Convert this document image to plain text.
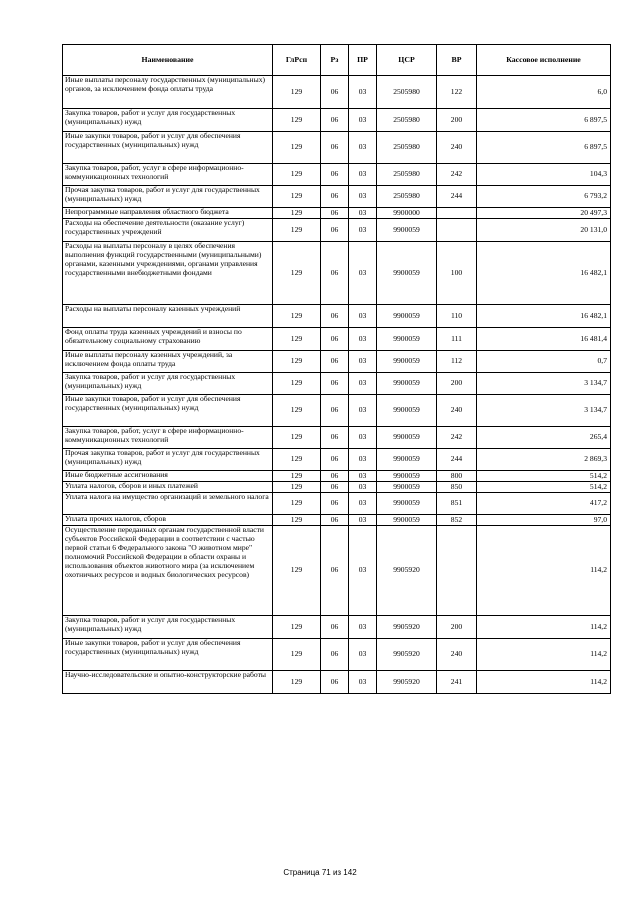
Наименование	ГлРсп	Рз	ПР	ЦСР	ВР	Кассовое исполнение
Иные выплаты персоналу государственных (муниципальных) органов, за исключением фонда оплаты труда	129	06	03	2505980	122	6,0
Закупка товаров, работ и услуг для государственных (муниципальных) нужд	129	06	03	2505980	200	6 897,5
Иные закупки товаров, работ и услуг для обеспечения государственных (муниципальных) нужд	129	06	03	2505980	240	6 897,5
Закупка товаров, работ, услуг в сфере информационно-коммуникационных технологий	129	06	03	2505980	242	104,3
Прочая закупка товаров, работ и услуг для государственных (муниципальных) нужд	129	06	03	2505980	244	6 793,2
Непрограммные направления областного бюджета	129	06	03	9900000		20 497,3
Расходы на обеспечение деятельности (оказание услуг) государственных учреждений	129	06	03	9900059		20 131,0
Расходы на выплаты персоналу в целях обеспечения выполнения функций государственными (муниципальными) органами, казенными учреждениями, органами управления государственными внебюджетными фондами	129	06	03	9900059	100	16 482,1
Расходы на выплаты персоналу казенных учреждений	129	06	03	9900059	110	16 482,1
Фонд оплаты труда казенных учреждений и взносы по обязательному социальному страхованию	129	06	03	9900059	111	16 481,4
Иные выплаты персоналу казенных учреждений, за исключением фонда оплаты труда	129	06	03	9900059	112	0,7
Закупка товаров, работ и услуг для государственных (муниципальных) нужд	129	06	03	9900059	200	3 134,7
Иные закупки товаров, работ и услуг для обеспечения государственных (муниципальных) нужд	129	06	03	9900059	240	3 134,7
Закупка товаров, работ, услуг в сфере информационно-коммуникационных технологий	129	06	03	9900059	242	265,4
Прочая закупка товаров, работ и услуг для государственных (муниципальных) нужд	129	06	03	9900059	244	2 869,3
Иные бюджетные ассигнования	129	06	03	9900059	800	514,2
Уплата налогов, сборов и иных платежей	129	06	03	9900059	850	514,2
Уплата налога на имущество организаций и земельного налога	129	06	03	9900059	851	417,2
Уплата прочих налогов, сборов	129	06	03	9900059	852	97,0
Осуществление переданных органам государственной власти субъектов Российской Федерации в соответствии с частью первой статьи 6 Федерального закона "О животном мире" полномочий Российской Федерации в области охраны и использования объектов животного мира (за исключением охотничьих ресурсов и водных биологических ресурсов)	129	06	03	9905920		114,2
Закупка товаров, работ и услуг для государственных (муниципальных) нужд	129	06	03	9905920	200	114,2
Иные закупки товаров, работ и услуг для обеспечения государственных (муниципальных) нужд	129	06	03	9905920	240	114,2
Научно-исследовательские и опытно-конструкторские работы	129	06	03	9905920	241	114,2
Страница 71 из 142
